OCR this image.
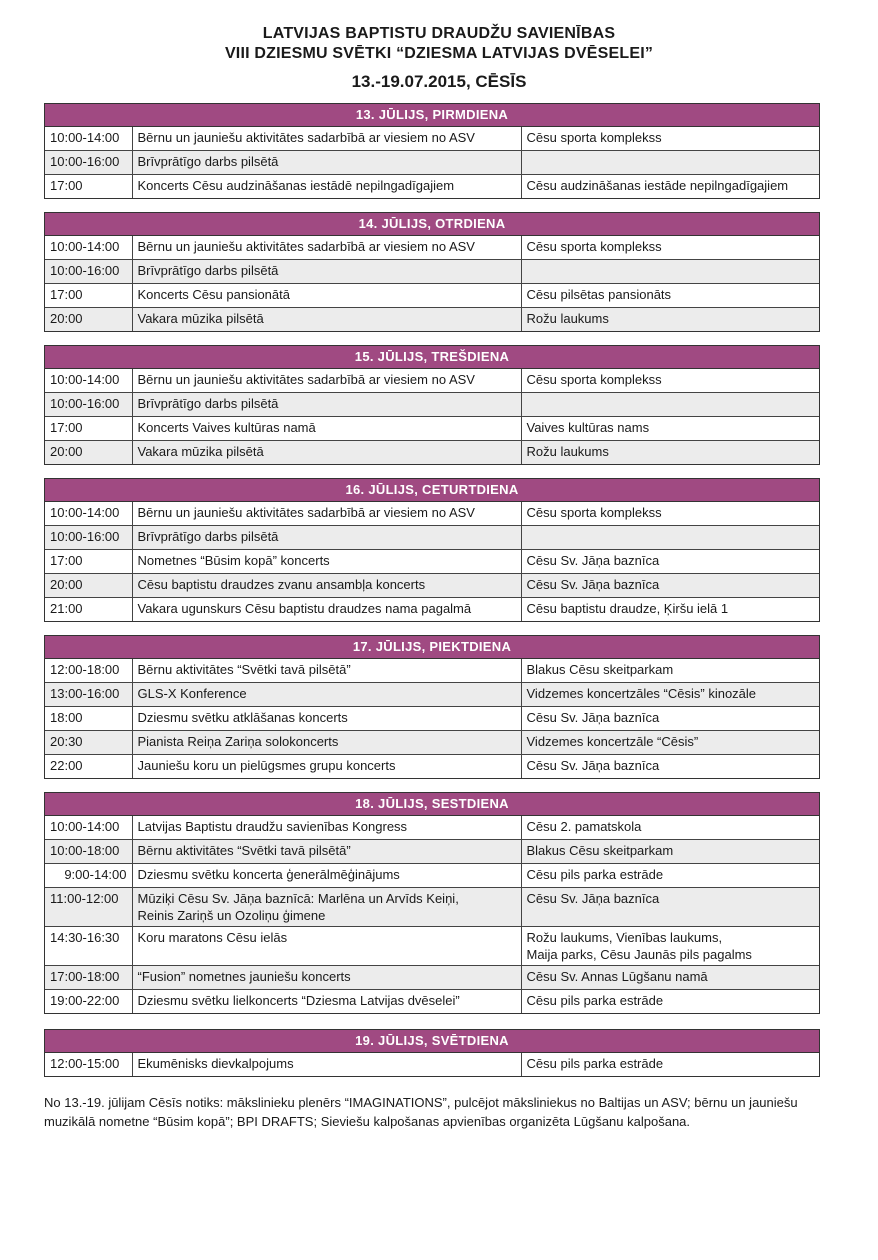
LATVIJAS BAPTISTU DRAUDŽU SAVIENĪBAS
VIII DZIESMU SVĒTKI “DZIESMA LATVIJAS DVĒSELEI”
13.-19.07.2015, CĒSĪS
13. JŪLIJS, PIRMDIENA
10:00-14:00	Bērnu un jauniešu aktivitātes sadarbībā ar viesiem no ASV	Cēsu sporta komplekss
10:00-16:00	Brīvprātīgo darbs pilsētā	
17:00	Koncerts Cēsu audzināšanas iestādē nepilngadīgajiem	Cēsu audzināšanas iestāde nepilngadīgajiem
14. JŪLIJS, OTRDIENA
10:00-14:00	Bērnu un jauniešu aktivitātes sadarbībā ar viesiem no ASV	Cēsu sporta komplekss
10:00-16:00	Brīvprātīgo darbs pilsētā	
17:00	Koncerts Cēsu pansionātā	Cēsu pilsētas pansionāts
20:00	Vakara mūzika pilsētā	Rožu laukums
15. JŪLIJS, TREŠDIENA
10:00-14:00	Bērnu un jauniešu aktivitātes sadarbībā ar viesiem no ASV	Cēsu sporta komplekss
10:00-16:00	Brīvprātīgo darbs pilsētā	
17:00	Koncerts Vaives kultūras namā	Vaives kultūras nams
20:00	Vakara mūzika pilsētā	Rožu laukums
16. JŪLIJS, CETURTDIENA
10:00-14:00	Bērnu un jauniešu aktivitātes sadarbībā ar viesiem no ASV	Cēsu sporta komplekss
10:00-16:00	Brīvprātīgo darbs pilsētā	
17:00	Nometnes “Būsim kopā” koncerts	Cēsu Sv. Jāņa baznīca
20:00	Cēsu baptistu draudzes zvanu ansambļa koncerts	Cēsu Sv. Jāņa baznīca
21:00	Vakara ugunskurs Cēsu baptistu draudzes nama pagalmā	Cēsu baptistu draudze, Ķiršu ielā 1
17. JŪLIJS, PIEKTDIENA
12:00-18:00	Bērnu aktivitātes “Svētki tavā pilsētā”	Blakus Cēsu skeitparkam
13:00-16:00	GLS-X Konference	Vidzemes koncertzāles “Cēsis” kinozāle
18:00	Dziesmu svētku atklāšanas koncerts	Cēsu Sv. Jāņa baznīca
20:30	Pianista Reiņa Zariņa solokoncerts	Vidzemes koncertzāle “Cēsis”
22:00	Jauniešu koru un pielūgsmes grupu koncerts	Cēsu Sv. Jāņa baznīca
18. JŪLIJS, SESTDIENA
10:00-14:00	Latvijas Baptistu draudžu savienības Kongress	Cēsu 2. pamatskola
10:00-18:00	Bērnu aktivitātes “Svētki tavā pilsētā”	Blakus Cēsu skeitparkam
9:00-14:00	Dziesmu svētku koncerta ģenerālmēģinājums	Cēsu pils parka estrāde
11:00-12:00	Mūziķi Cēsu Sv. Jāņa baznīcā: Marlēna un Arvīds Keiņi,
Reinis Zariņš un Ozoliņu ģimene	Cēsu Sv. Jāņa baznīca
14:30-16:30	Koru maratons Cēsu ielās	Rožu laukums, Vienības laukums,
Maija parks, Cēsu Jaunās pils pagalms
17:00-18:00	“Fusion” nometnes jauniešu koncerts	Cēsu Sv. Annas Lūgšanu namā
19:00-22:00	Dziesmu svētku lielkoncerts “Dziesma Latvijas dvēselei”	Cēsu pils parka estrāde
19. JŪLIJS, SVĒTDIENA
12:00-15:00	Ekumēnisks dievkalpojums	Cēsu pils parka estrāde
No 13.-19. jūlijam Cēsīs notiks: mākslinieku plenērs “IMAGINATIONS”, pulcējot māksliniekus no Baltijas un ASV; bērnu un jauniešu muzikālā nometne “Būsim kopā”; BPI DRAFTS; Sieviešu kalpošanas apvienības organizēta Lūgšanu kalpošana.
